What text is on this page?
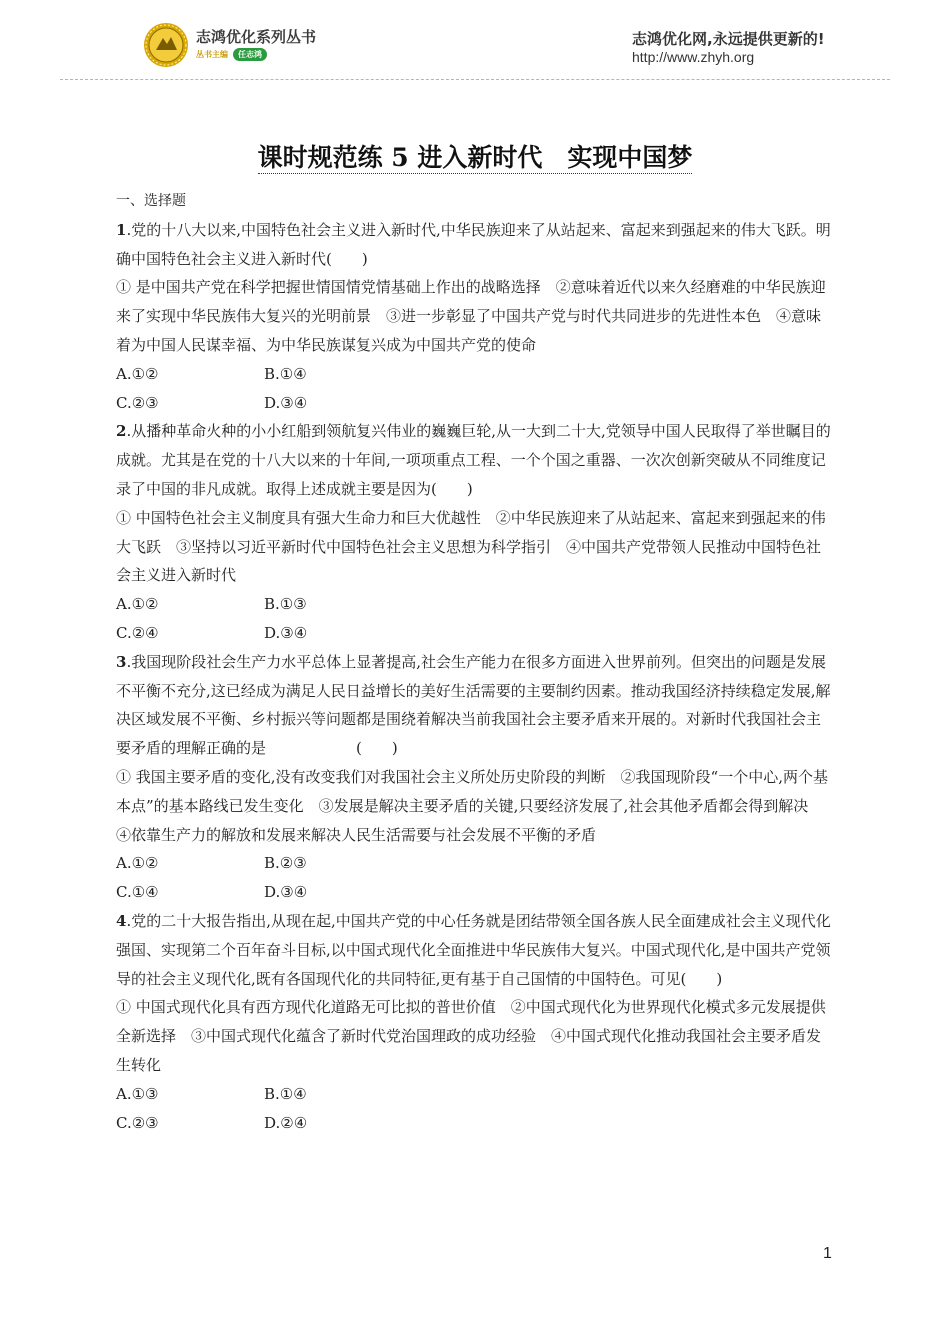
志鸿优化系列丛书
丛书主编 任志鸿
志鸿优化网,永远提供更新的!
http://www.zhyh.org
课时规范练 5 进入新时代　实现中国梦
一、选择题
1.党的十八大以来,中国特色社会主义进入新时代,中华民族迎来了从站起来、富起来到强起来的伟大飞跃。明确中国特色社会主义进入新时代(　　)
① 是中国共产党在科学把握世情国情党情基础上作出的战略选择　②意味着近代以来久经磨难的中华民族迎来了实现中华民族伟大复兴的光明前景　③进一步彰显了中国共产党与时代共同进步的先进性本色　④意味着为中国人民谋幸福、为中华民族谋复兴成为中国共产党的使命
A.①②	B.①④
C.②③	D.③④
2.从播种革命火种的小小红船到领航复兴伟业的巍巍巨轮,从一大到二十大,党领导中国人民取得了举世瞩目的成就。尤其是在党的十八大以来的十年间,一项项重点工程、一个个国之重器、一次次创新突破从不同维度记录了中国的非凡成就。取得上述成就主要是因为(　　)
① 中国特色社会主义制度具有强大生命力和巨大优越性　②中华民族迎来了从站起来、富起来到强起来的伟大飞跃　③坚持以习近平新时代中国特色社会主义思想为科学指引　④中国共产党带领人民推动中国特色社会主义进入新时代
A.①②	B.①③
C.②④	D.③④
3.我国现阶段社会生产力水平总体上显著提高,社会生产能力在很多方面进入世界前列。但突出的问题是发展不平衡不充分,这已经成为满足人民日益增长的美好生活需要的主要制约因素。推动我国经济持续稳定发展,解决区域发展不平衡、乡村振兴等问题都是围绕着解决当前我国社会主要矛盾来开展的。对新时代我国社会主要矛盾的理解正确的是　　　　　　(　　)
① 我国主要矛盾的变化,没有改变我们对我国社会主义所处历史阶段的判断　②我国现阶段“一个中心,两个基本点”的基本路线已发生变化　③发展是解决主要矛盾的关键,只要经济发展了,社会其他矛盾都会得到解决　④依靠生产力的解放和发展来解决人民生活需要与社会发展不平衡的矛盾
A.①②	B.②③
C.①④	D.③④
4.党的二十大报告指出,从现在起,中国共产党的中心任务就是团结带领全国各族人民全面建成社会主义现代化强国、实现第二个百年奋斗目标,以中国式现代化全面推进中华民族伟大复兴。中国式现代化,是中国共产党领导的社会主义现代化,既有各国现代化的共同特征,更有基于自己国情的中国特色。可见(　　)
① 中国式现代化具有西方现代化道路无可比拟的普世价值　②中国式现代化为世界现代化模式多元发展提供全新选择　③中国式现代化蕴含了新时代党治国理政的成功经验　④中国式现代化推动我国社会主要矛盾发生转化
A.①③	B.①④
C.②③	D.②④
1
